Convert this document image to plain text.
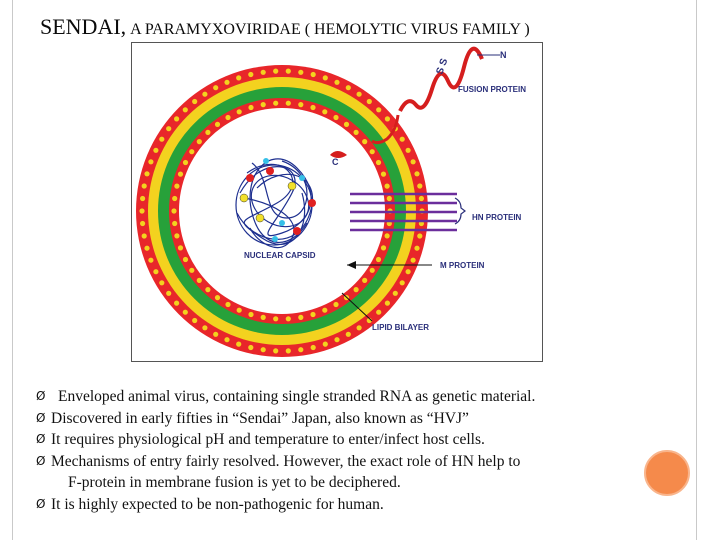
SENDAI, A PARAMYXOVIRIDAE ( HEMOLYTIC VIRUS FAMILY )
N
S S
C
FUSION PROTEIN
HN PROTEIN
NUCLEAR CAPSID
M PROTEIN
LIPID BILAYER
Ø Enveloped animal virus, containing single stranded RNA as genetic material.
Ø Discovered in early fifties in “Sendai” Japan, also known as “HVJ”
Ø It requires physiological pH and temperature to enter/infect host cells.
Ø Mechanisms of entry fairly resolved. However, the exact role of HN help to
F-protein in membrane fusion is yet to be deciphered.
Ø It is highly expected to be non-pathogenic for human.
